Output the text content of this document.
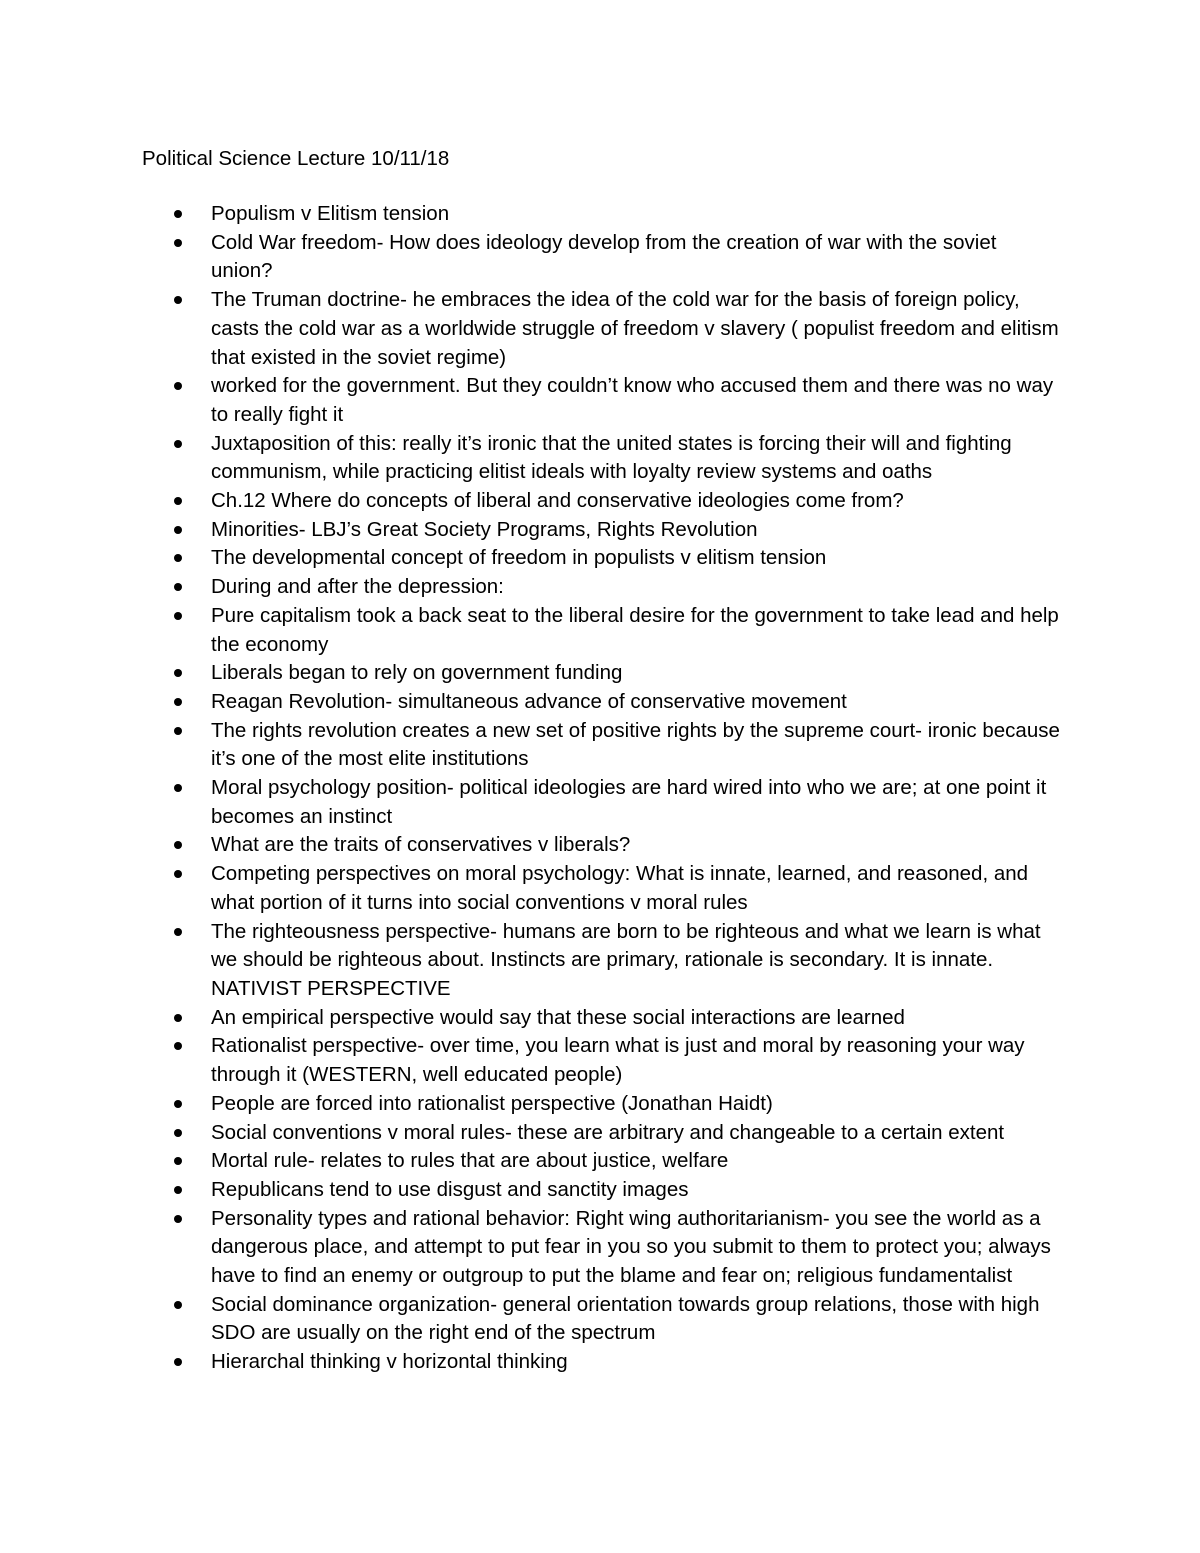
Political Science Lecture 10/11/18
Populism v Elitism tension
Cold War freedom- How does ideology develop from the creation of war with the soviet union?
The Truman doctrine- he embraces the idea of the cold war for the basis of foreign policy, casts the cold war as a worldwide struggle of freedom v slavery ( populist freedom and elitism that existed in the soviet regime)
worked for the government. But they couldn’t know who accused them and there was no way to really fight it
Juxtaposition of this: really it’s ironic that the united states is forcing their will and fighting communism, while practicing elitist ideals with loyalty review systems and oaths
Ch.12 Where do concepts of liberal and conservative ideologies come from?
Minorities- LBJ’s Great Society Programs, Rights Revolution
The developmental concept of freedom in populists v elitism tension
During and after the depression:
Pure capitalism took a back seat to the liberal desire for the government to take lead and help the economy
Liberals began to rely on government funding
Reagan Revolution- simultaneous advance of conservative movement
The rights revolution creates a new set of positive rights by the supreme court- ironic because it’s one of the most elite institutions
Moral psychology position- political ideologies are hard wired into who we are; at one point it becomes an instinct
What are the traits of conservatives v liberals?
Competing perspectives on moral psychology: What is innate, learned, and reasoned, and what portion of it turns into social conventions v moral rules
The righteousness perspective- humans are born to be righteous and what we learn is what we should be righteous about. Instincts are primary, rationale is secondary. It is innate. NATIVIST PERSPECTIVE
An empirical perspective would say that these social interactions are learned
Rationalist perspective- over time, you learn what is just and moral by reasoning your way through it (WESTERN, well educated people)
People are forced into rationalist perspective (Jonathan Haidt)
Social conventions v moral rules- these are arbitrary and changeable to a certain extent
Mortal rule- relates to rules that are about justice, welfare
Republicans tend to use disgust and sanctity images
Personality types and rational behavior: Right wing authoritarianism- you see the world as a dangerous place, and attempt to put fear in you so you submit to them to protect you; always have to find an enemy or outgroup to put the blame and fear on; religious fundamentalist
Social dominance organization- general orientation towards group relations, those with high SDO are usually on the right end of the spectrum
Hierarchal thinking v horizontal thinking
